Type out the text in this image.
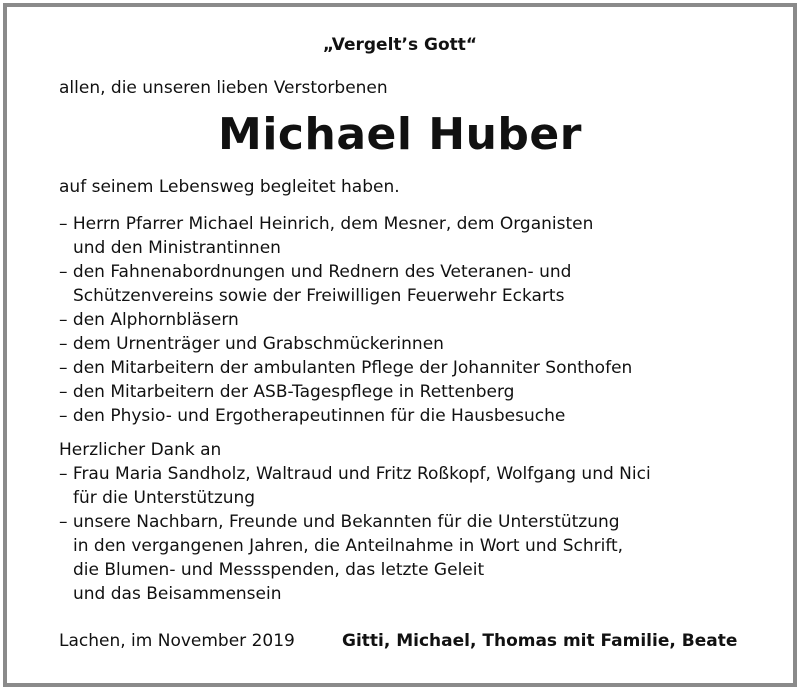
„Vergelt’s Gott“
allen, die unseren lieben Verstorbenen
Michael Huber
auf seinem Lebensweg begleitet haben.
– Herrn Pfarrer Michael Heinrich, dem Mesner, dem Organisten
und den Ministrantinnen
– den Fahnenabordnungen und Rednern des Veteranen- und
Schützenvereins sowie der Freiwilligen Feuerwehr Eckarts
– den Alphornbläsern
– dem Urnenträger und Grabschmückerinnen
– den Mitarbeitern der ambulanten Pflege der Johanniter Sonthofen
– den Mitarbeitern der ASB-Tagespflege in Rettenberg
– den Physio- und Ergotherapeutinnen für die Hausbesuche
Herzlicher Dank an
– Frau Maria Sandholz, Waltraud und Fritz Roßkopf, Wolfgang und Nici
für die Unterstützung
– unsere Nachbarn, Freunde und Bekannten für die Unterstützung
in den vergangenen Jahren, die Anteilnahme in Wort und Schrift,
die Blumen- und Messspenden, das letzte Geleit
und das Beisammensein
Lachen, im November 2019	Gitti, Michael, Thomas mit Familie, Beate
